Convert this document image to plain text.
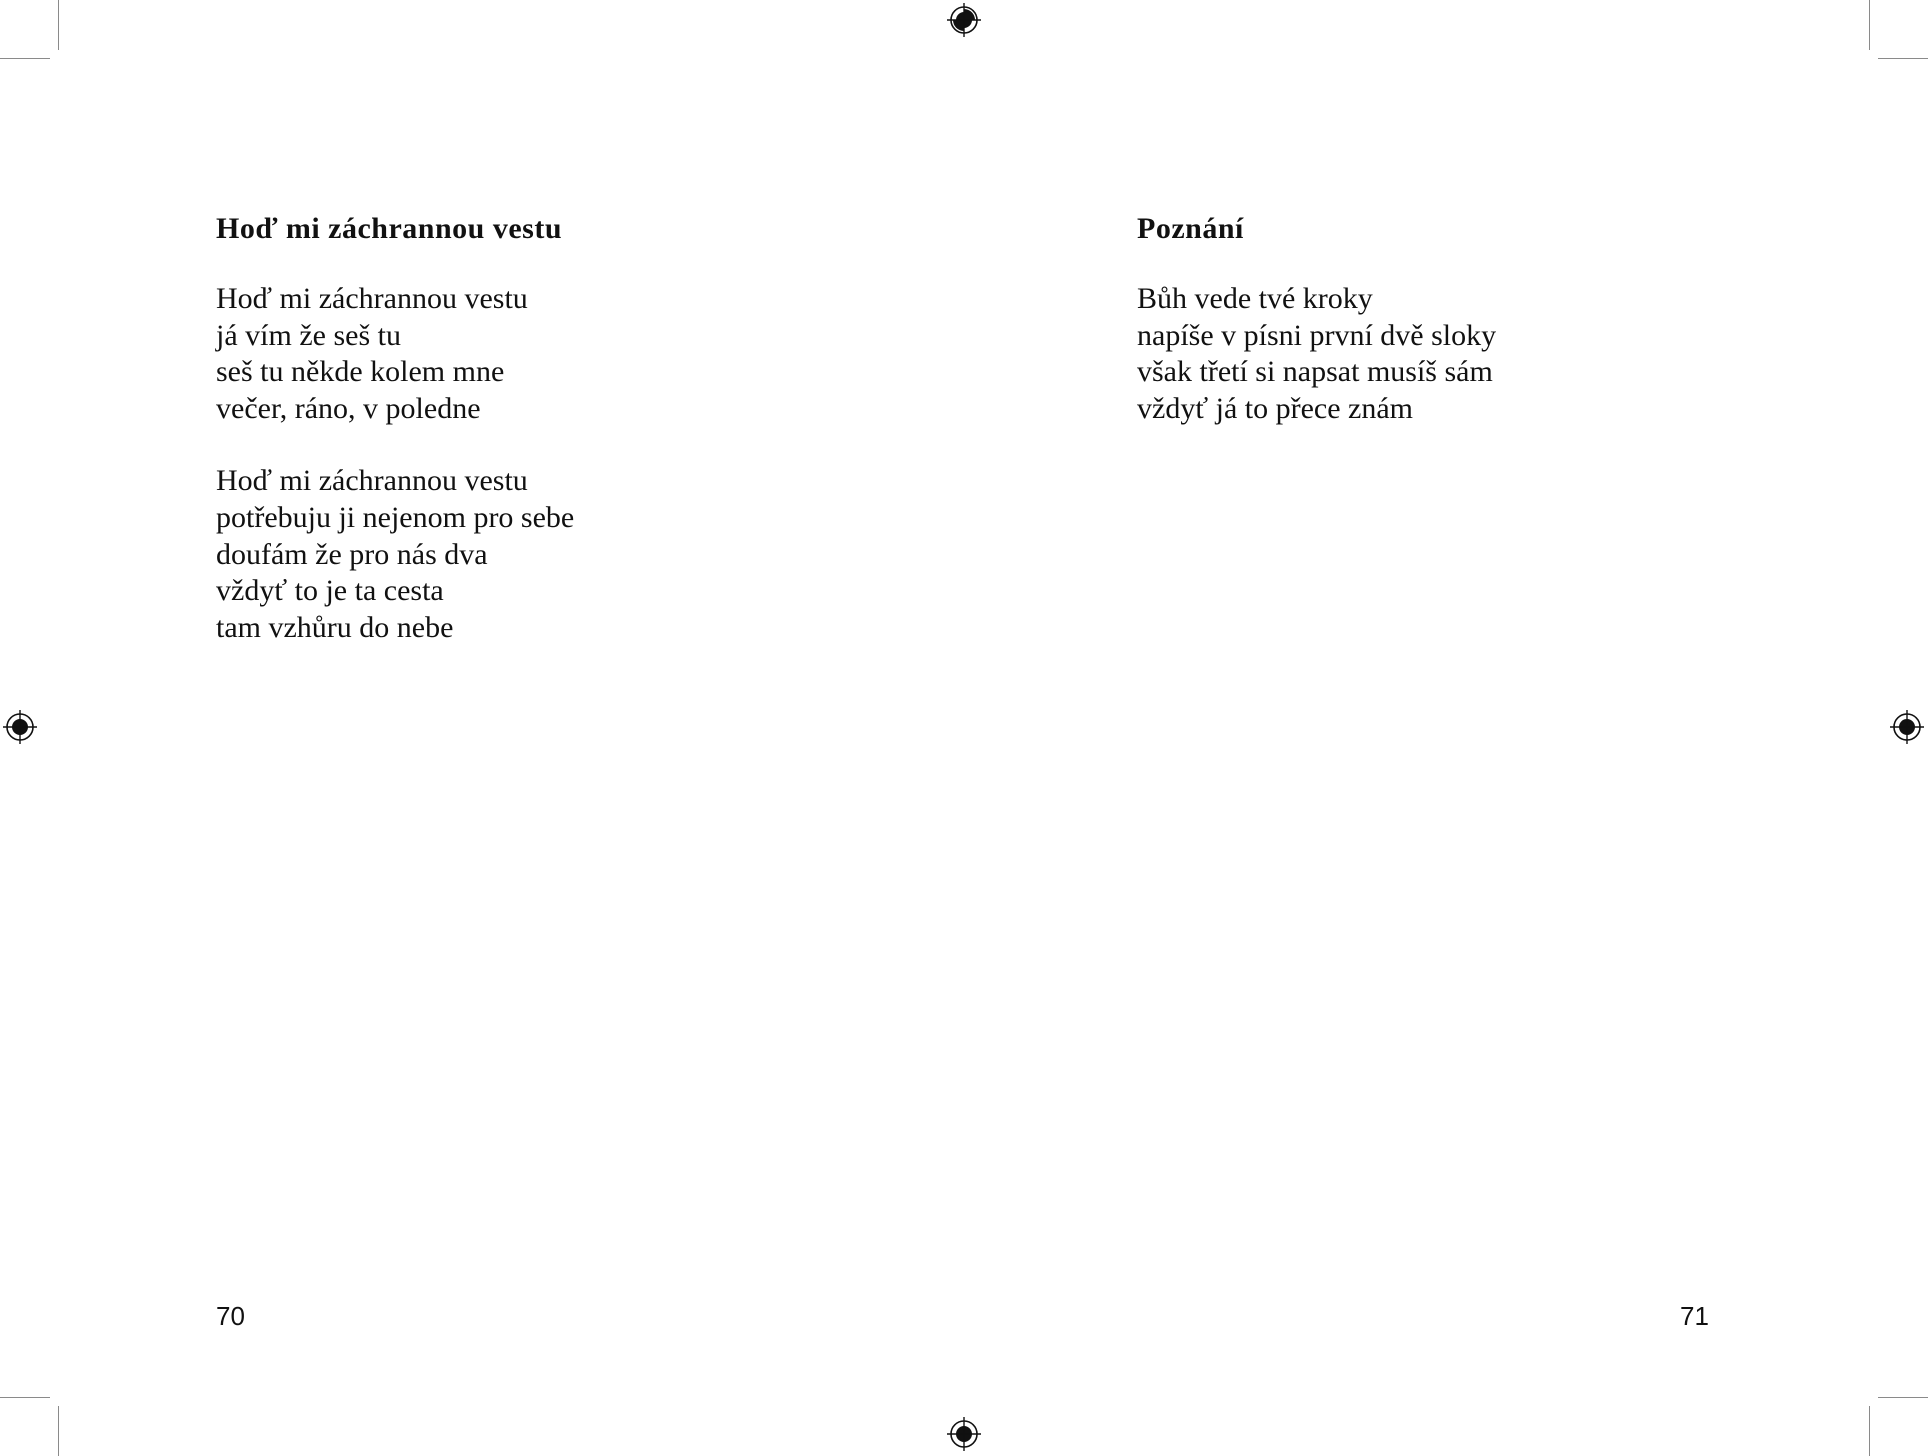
Hoď mi záchrannou vestu
Hoď mi záchrannou vestu
já vím že seš tu
seš tu někde kolem mne
večer, ráno, v poledne
Hoď mi záchrannou vestu
potřebuju ji nejenom pro sebe
doufám že pro nás dva
vždyť to je ta cesta
tam vzhůru do nebe
Poznání
Bůh vede tvé kroky
napíše v písni první dvě sloky
však třetí si napsat musíš sám
vždyť já to přece znám
70	71
